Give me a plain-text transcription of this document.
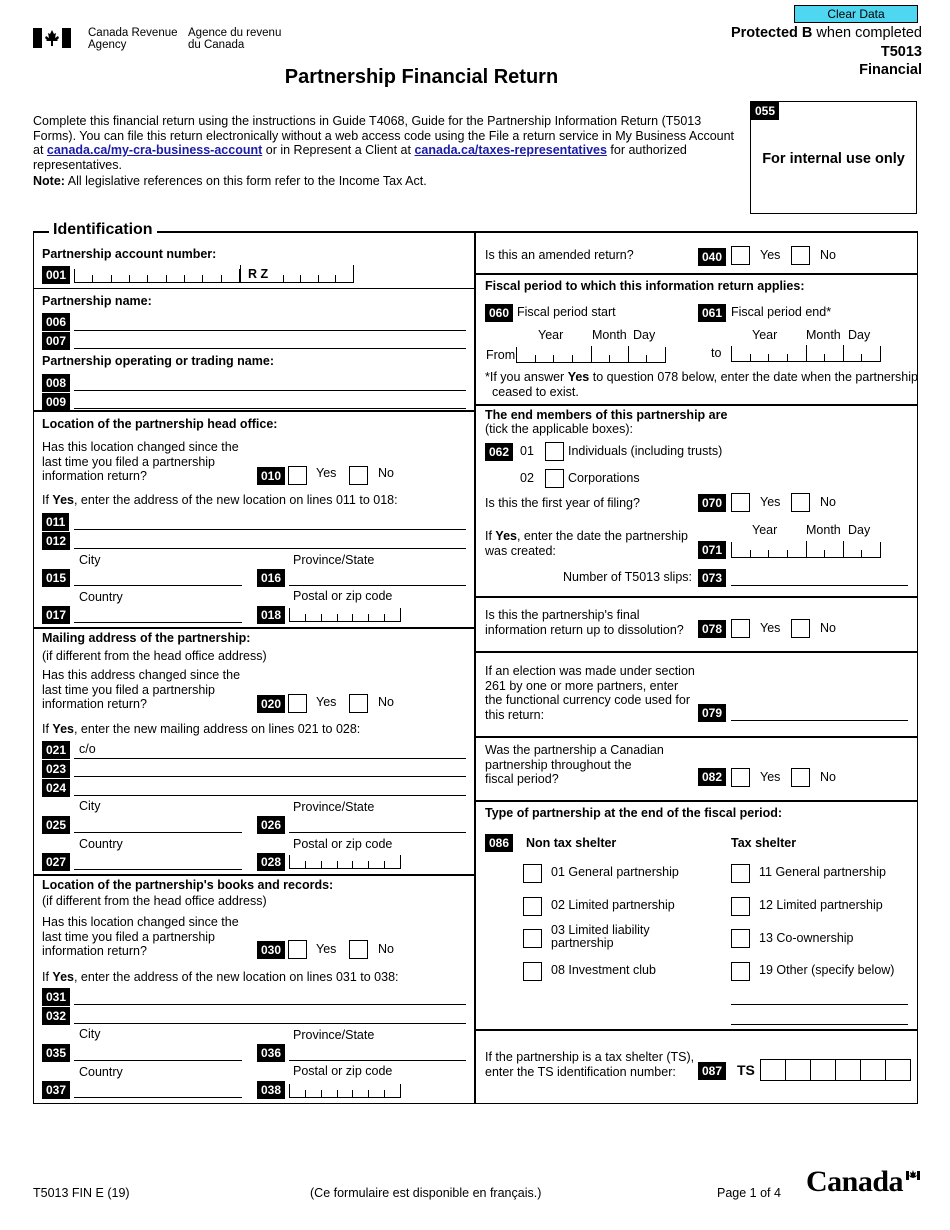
Canada Revenue
Agency
Agence du revenu
du Canada
Clear Data
Protected B when completed
T5013
Financial
Partnership Financial Return
Complete this financial return using the instructions in Guide T4068, Guide for the Partnership Information Return (T5013 Forms). You can file this return electronically without a web access code using the File a return service in My Business Account at canada.ca/my-cra-business-account or in Represent a Client at canada.ca/taxes-representatives for authorized representatives.
Note: All legislative references on this form refer to the Income Tax Act.
055
For internal use only
Identification
Partnership account number:
001	R Z
Partnership name:
006
007
Partnership operating or trading name:
008
009
Location of the partnership head office:
Has this location changed since the
last time you filed a partnership
information return?	010	Yes	No
If Yes, enter the address of the new location on lines 011 to 018:
011
012
City	Province/State
015	016
Country	Postal or zip code
017	018
Mailing address of the partnership:
(if different from the head office address)
Has this address changed since the
last time you filed a partnership
information return?	020	Yes	No
If Yes, enter the new mailing address on lines 021 to 028:
021	c/o
023
024
City	Province/State
025	026
Country	Postal or zip code
027	028
Location of the partnership's books and records:
(if different from the head office address)
Has this location changed since the
last time you filed a partnership
information return?	030	Yes	No
If Yes, enter the address of the new location on lines 031 to 038:
031
032
City	Province/State
035	036
Country	Postal or zip code
037	038
Is this an amended return?	040	Yes	No
Fiscal period to which this information return applies:
060 Fiscal period start	061 Fiscal period end*
Year Month Day	Year Month Day
From	to
*If you answer Yes to question 078 below, enter the date when the partnership
ceased to exist.
The end members of this partnership are
(tick the applicable boxes):
062 01	Individuals (including trusts)
02	Corporations
Is this the first year of filing?	070	Yes	No
Year Month Day
If Yes, enter the date the partnership
was created:	071
Number of T5013 slips: 073
Is this the partnership's final
information return up to dissolution?	078	Yes	No
If an election was made under section
261 by one or more partners, enter
the functional currency code used for
this return:	079
Was the partnership a Canadian
partnership throughout the
fiscal period?	082	Yes	No
Type of partnership at the end of the fiscal period:
086	Non tax shelter	Tax shelter
01 General partnership
02 Limited partnership
03 Limited liability
partnership
08 Investment club
11 General partnership
12 Limited partnership
13 Co-ownership
19 Other (specify below)
If the partnership is a tax shelter (TS),
enter the TS identification number:	087 TS
T5013 FIN E (19)	(Ce formulaire est disponible en français.)	Page 1 of 4 Canada
